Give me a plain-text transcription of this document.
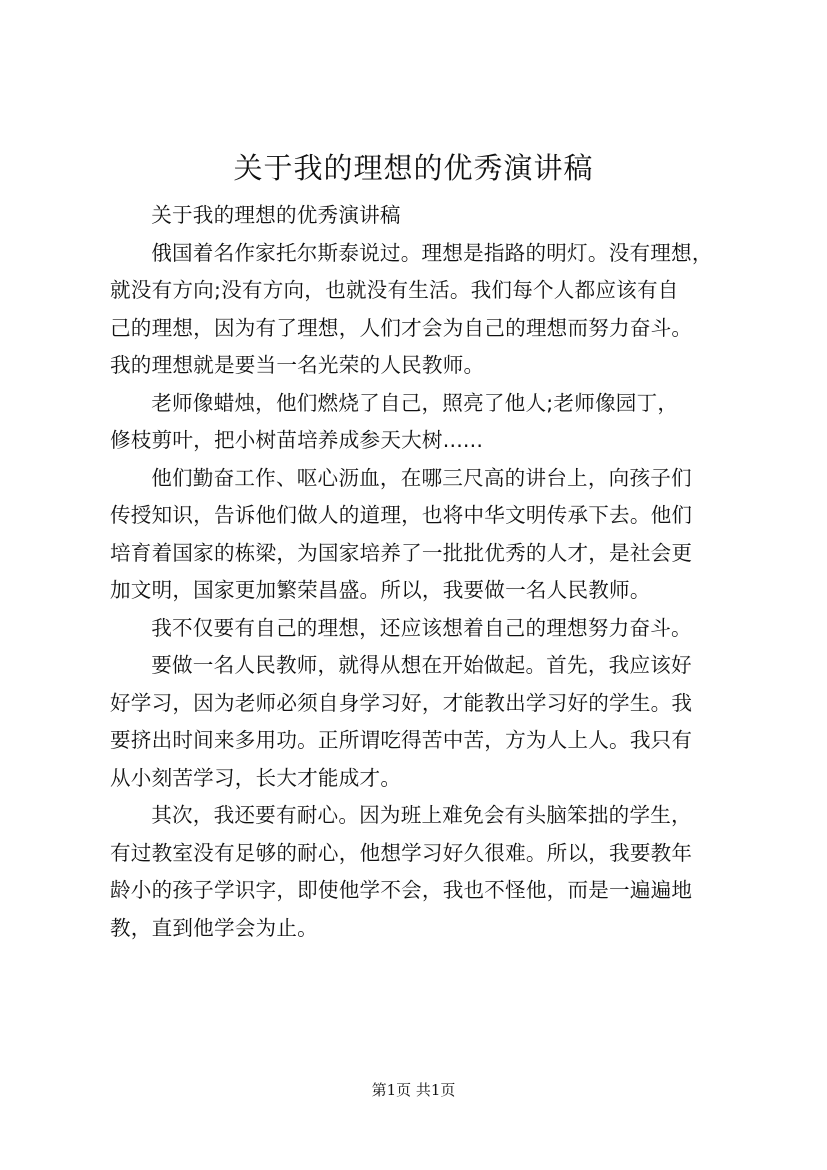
关于我的理想的优秀演讲稿

关于我的理想的优秀演讲稿

俄国着名作家托尔斯泰说过。理想是指路的明灯。没有理想，
就没有方向;没有方向，也就没有生活。我们每个人都应该有自
己的理想，因为有了理想，人们才会为自己的理想而努力奋斗。
我的理想就是要当一名光荣的人民教师。

老师像蜡烛，他们燃烧了自己，照亮了他人;老师像园丁，
修枝剪叶，把小树苗培养成参天大树......

他们勤奋工作、呕心沥血，在哪三尺高的讲台上，向孩子们
传授知识，告诉他们做人的道理，也将中华文明传承下去。他们
培育着国家的栋梁，为国家培养了一批批优秀的人才，是社会更
加文明，国家更加繁荣昌盛。所以，我要做一名人民教师。

我不仅要有自己的理想，还应该想着自己的理想努力奋斗。

要做一名人民教师，就得从想在开始做起。首先，我应该好
好学习，因为老师必须自身学习好，才能教出学习好的学生。我
要挤出时间来多用功。正所谓吃得苦中苦，方为人上人。我只有
从小刻苦学习，长大才能成才。

其次，我还要有耐心。因为班上难免会有头脑笨拙的学生，
有过教室没有足够的耐心，他想学习好久很难。所以，我要教年
龄小的孩子学识字，即使他学不会，我也不怪他，而是一遍遍地
教，直到他学会为止。

第1页 共1页
